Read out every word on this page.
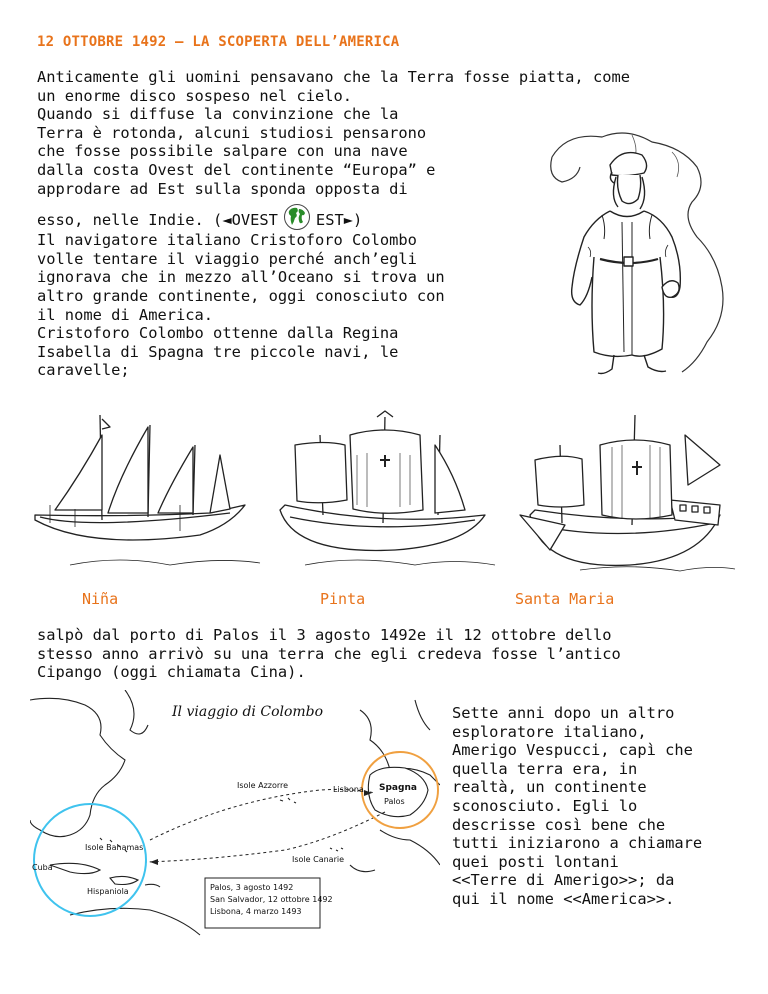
12 OTTOBRE 1492 – LA SCOPERTA DELL’AMERICA
Anticamente gli uomini pensavano che la Terra fosse piatta, come
un enorme disco sospeso nel cielo.
Quando si diffuse la convinzione che la
Terra è rotonda, alcuni studiosi pensarono
che fosse possibile salpare con una nave
dalla costa Ovest del continente “Europa” e
approdare ad Est sulla sponda opposta di
esso, nelle Indie. (◄OVEST EST►)
Il navigatore italiano Cristoforo Colombo
volle tentare il viaggio perché anch’egli
ignorava che in mezzo all’Oceano si trova un
altro grande continente, oggi conosciuto con
il nome di America.
Cristoforo Colombo ottenne dalla Regina
Isabella di Spagna tre piccole navi, le
caravelle;
Niña	Pinta	Santa Maria
salpò dal porto di Palos il 3 agosto 1492e il 12 ottobre dello
stesso anno arrivò su una terra che egli credeva fosse l’antico
Cipango (oggi chiamata Cina).
Palos, 3 agosto 1492
San Salvador, 12 ottobre 1492
Lisbona, 4 marzo 1493
Il viaggio di Colombo
Isole Azzorre	Lisbona Spagna
Palos
Isole Bahamas
Cuba
Hispaniola
Isole Canarie
Sette anni dopo un altro
esploratore italiano,
Amerigo Vespucci, capì che
quella terra era, in
realtà, un continente
sconosciuto. Egli lo
descrisse così bene che
tutti iniziarono a chiamare
quei posti lontani
<<Terre di Amerigo>>; da
qui il nome <<America>>.
